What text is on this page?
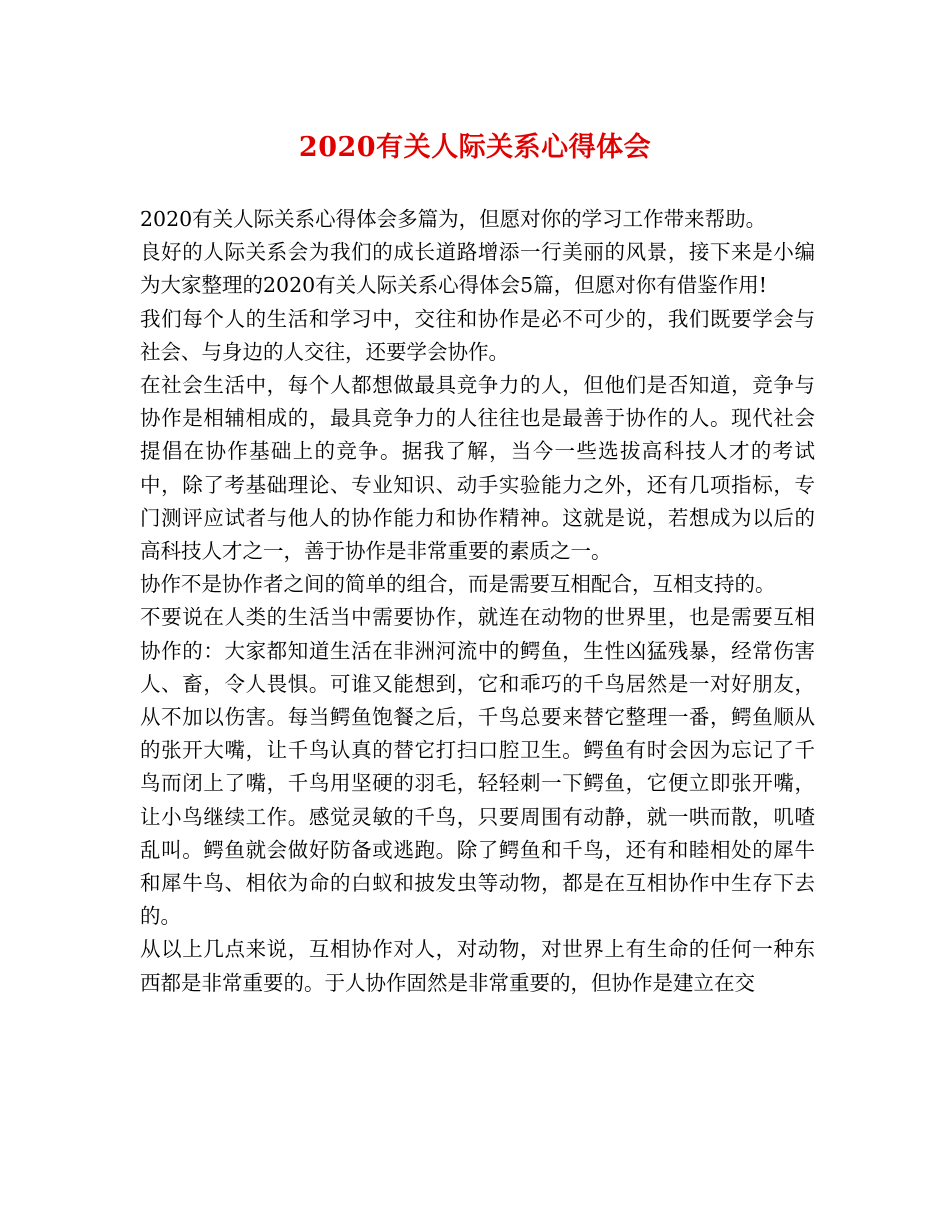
2020有关人际关系心得体会

2020有关人际关系心得体会多篇为，但愿对你的学习工作带来帮助。

良好的人际关系会为我们的成长道路增添一行美丽的风景，接下来是小编为大家整理的2020有关人际关系心得体会5篇，但愿对你有借鉴作用!

我们每个人的生活和学习中，交往和协作是必不可少的，我们既要学会与社会、与身边的人交往，还要学会协作。

在社会生活中，每个人都想做最具竞争力的人，但他们是否知道，竞争与协作是相辅相成的，最具竞争力的人往往也是最善于协作的人。现代社会提倡在协作基础上的竞争。据我了解，当今一些选拔高科技人才的考试中，除了考基础理论、专业知识、动手实验能力之外，还有几项指标，专门测评应试者与他人的协作能力和协作精神。这就是说，若想成为以后的高科技人才之一，善于协作是非常重要的素质之一。

协作不是协作者之间的简单的组合，而是需要互相配合，互相支持的。

不要说在人类的生活当中需要协作，就连在动物的世界里，也是需要互相协作的：大家都知道生活在非洲河流中的鳄鱼，生性凶猛残暴，经常伤害人、畜，令人畏惧。可谁又能想到，它和乖巧的千鸟居然是一对好朋友，从不加以伤害。每当鳄鱼饱餐之后，千鸟总要来替它整理一番，鳄鱼顺从的张开大嘴，让千鸟认真的替它打扫口腔卫生。鳄鱼有时会因为忘记了千鸟而闭上了嘴，千鸟用坚硬的羽毛，轻轻刺一下鳄鱼，它便立即张开嘴，让小鸟继续工作。感觉灵敏的千鸟，只要周围有动静，就一哄而散，叽喳乱叫。鳄鱼就会做好防备或逃跑。除了鳄鱼和千鸟，还有和睦相处的犀牛和犀牛鸟、相依为命的白蚁和披发虫等动物，都是在互相协作中生存下去的。

从以上几点来说，互相协作对人，对动物，对世界上有生命的任何一种东西都是非常重要的。于人协作固然是非常重要的，但协作是建立在交
